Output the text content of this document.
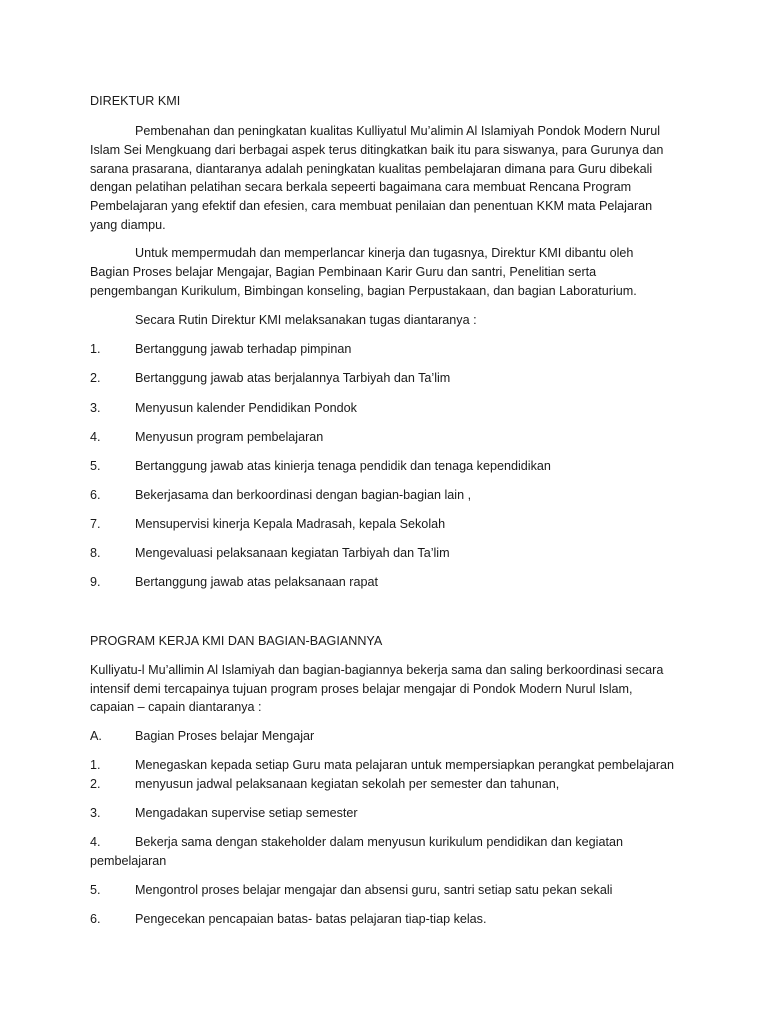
DIREKTUR KMI
Pembenahan dan peningkatan kualitas Kulliyatul Mu’alimin Al Islamiyah Pondok Modern Nurul
Islam Sei Mengkuang dari berbagai aspek terus ditingkatkan baik itu para siswanya, para Gurunya dan
sarana prasarana, diantaranya adalah peningkatan kualitas pembelajaran dimana para Guru dibekali
dengan pelatihan pelatihan secara berkala sepeerti bagaimana cara membuat Rencana Program
Pembelajaran yang efektif dan efesien, cara membuat penilaian dan penentuan KKM mata Pelajaran
yang diampu.
Untuk mempermudah dan memperlancar kinerja dan tugasnya, Direktur KMI dibantu oleh
Bagian Proses belajar Mengajar, Bagian Pembinaan Karir Guru dan santri, Penelitian serta
pengembangan Kurikulum, Bimbingan konseling, bagian Perpustakaan, dan bagian Laboraturium.
Secara Rutin Direktur KMI melaksanakan tugas diantaranya :
1.	Bertanggung jawab terhadap pimpinan
2.	Bertanggung jawab atas berjalannya Tarbiyah dan Ta’lim
3.	Menyusun kalender Pendidikan Pondok
4.	Menyusun program pembelajaran
5.	Bertanggung jawab atas kinierja tenaga pendidik dan tenaga kependidikan
6.	Bekerjasama dan berkoordinasi dengan bagian-bagian lain ,
7.	Mensupervisi kinerja Kepala Madrasah, kepala Sekolah
8.	Mengevaluasi pelaksanaan kegiatan Tarbiyah dan Ta’lim
9.	Bertanggung jawab atas pelaksanaan rapat
PROGRAM KERJA KMI DAN BAGIAN-BAGIANNYA
Kulliyatu-l Mu’allimin Al Islamiyah dan bagian-bagiannya bekerja sama dan saling berkoordinasi secara
intensif demi tercapainya tujuan program proses belajar mengajar di Pondok Modern Nurul Islam,
capaian – capain diantaranya :
A.	Bagian Proses belajar Mengajar
1.	Menegaskan kepada setiap Guru mata pelajaran untuk mempersiapkan perangkat pembelajaran
2.	menyusun jadwal pelaksanaan kegiatan sekolah per semester dan tahunan,
3.	Mengadakan supervise setiap semester
4.	Bekerja sama dengan stakeholder dalam menyusun kurikulum pendidikan dan kegiatan
pembelajaran
5.	Mengontrol proses belajar mengajar dan absensi guru, santri setiap satu pekan sekali
6.	Pengecekan pencapaian batas- batas pelajaran tiap-tiap kelas.
